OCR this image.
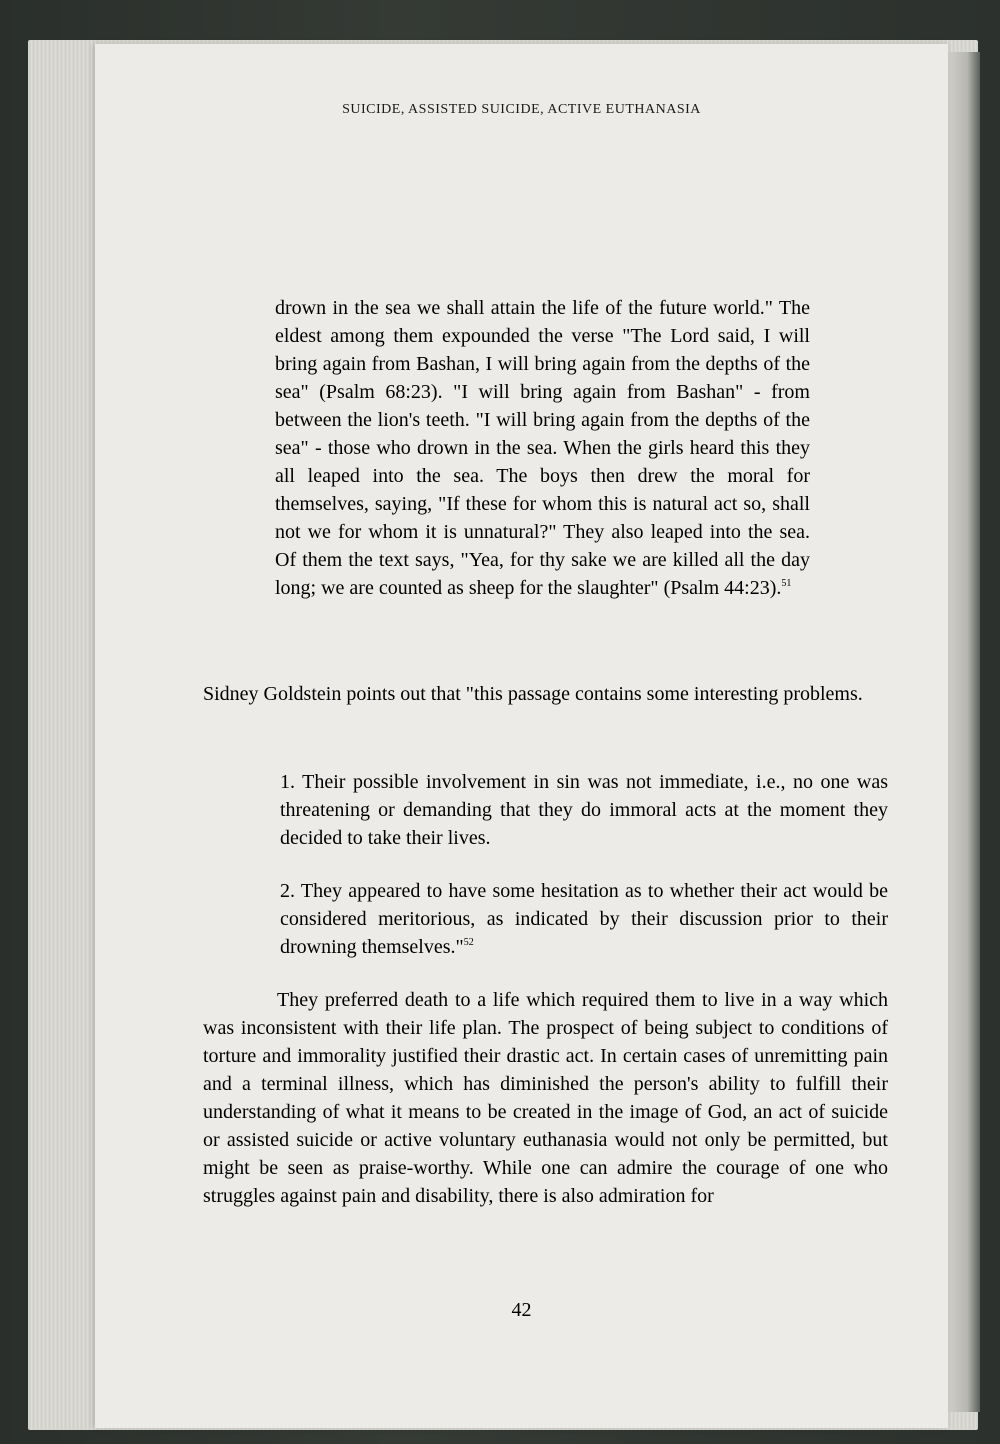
SUICIDE, ASSISTED SUICIDE, ACTIVE EUTHANASIA
drown in the sea we shall attain the life of the future world." The eldest among them expounded the verse "The Lord said, I will bring again from Bashan, I will bring again from the depths of the sea" (Psalm 68:23). "I will bring again from Bashan" - from between the lion's teeth. "I will bring again from the depths of the sea" - those who drown in the sea. When the girls heard this they all leaped into the sea. The boys then drew the moral for themselves, saying, "If these for whom this is natural act so, shall not we for whom it is unnatural?" They also leaped into the sea. Of them the text says, "Yea, for thy sake we are killed all the day long; we are counted as sheep for the slaughter" (Psalm 44:23).$^{51}$
Sidney Goldstein points out that "this passage contains some interesting problems.
1. Their possible involvement in sin was not immediate, i.e., no one was threatening or demanding that they do immoral acts at the moment they decided to take their lives.
2. They appeared to have some hesitation as to whether their act would be considered meritorious, as indicated by their discussion prior to their drowning themselves."$^{52}$
They preferred death to a life which required them to live in a way which was inconsistent with their life plan. The prospect of being subject to conditions of torture and immorality justified their drastic act. In certain cases of unremitting pain and a terminal illness, which has diminished the person's ability to fulfill their understanding of what it means to be created in the image of God, an act of suicide or assisted suicide or active voluntary euthanasia would not only be permitted, but might be seen as praise-worthy. While one can admire the courage of one who struggles against pain and disability, there is also admiration for
42
